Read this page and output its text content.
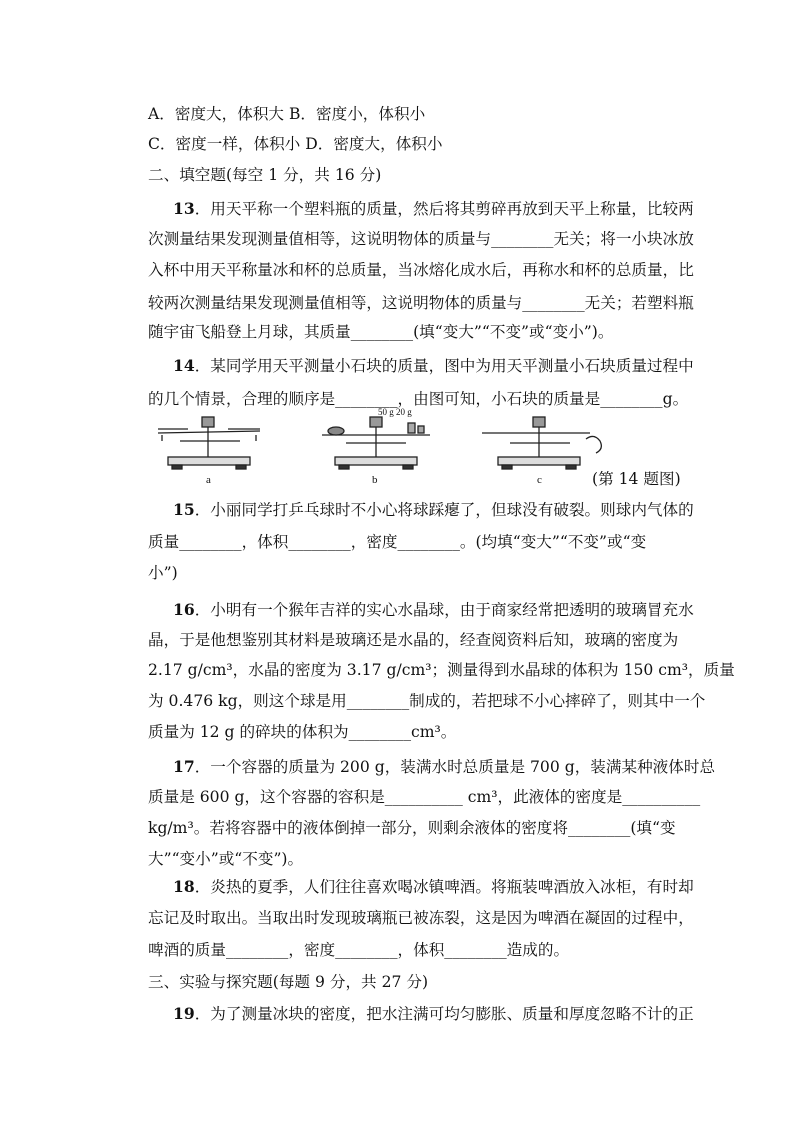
A．密度大，体积大 B．密度小，体积小
C．密度一样，体积小 D．密度大，体积小
二、填空题(每空 1 分，共 16 分)
13．用天平称一个塑料瓶的质量，然后将其剪碎再放到天平上称量，比较两
次测量结果发现测量值相等，这说明物体的质量与________无关；将一小块冰放
入杯中用天平称量冰和杯的总质量，当冰熔化成水后，再称水和杯的总质量，比
较两次测量结果发现测量值相等，这说明物体的质量与________无关；若塑料瓶
随宇宙飞船登上月球，其质量________(填“变大”“不变”或“变小”)。
14．某同学用天平测量小石块的质量，图中为用天平测量小石块质量过程中
的几个情景，合理的顺序是________，由图可知，小石块的质量是________g。
15．小丽同学打乒乓球时不小心将球踩瘪了，但球没有破裂。则球内气体的
质量________，体积________，密度________。(均填“变大”“不变”或“变
小”)
16．小明有一个猴年吉祥的实心水晶球，由于商家经常把透明的玻璃冒充水
晶，于是他想鉴别其材料是玻璃还是水晶的，经查阅资料后知，玻璃的密度为
2.17 g/cm³，水晶的密度为 3.17 g/cm³；测量得到水晶球的体积为 150 cm³，质量
为 0.476 kg，则这个球是用________制成的，若把球不小心摔碎了，则其中一个
质量为 12 g 的碎块的体积为________cm³。
17．一个容器的质量为 200 g，装满水时总质量是 700 g，装满某种液体时总
质量是 600 g，这个容器的容积是__________ cm³，此液体的密度是__________
kg/m³。若将容器中的液体倒掉一部分，则剩余液体的密度将________(填“变
大”“变小”或“不变”)。
18．炎热的夏季，人们往往喜欢喝冰镇啤酒。将瓶装啤酒放入冰柜，有时却
忘记及时取出。当取出时发现玻璃瓶已被冻裂，这是因为啤酒在凝固的过程中，
啤酒的质量________，密度________，体积________造成的。
三、实验与探究题(每题 9 分，共 27 分)
19．为了测量冰块的密度，把水注满可均匀膨胀、质量和厚度忽略不计的正
a	b	c
50 g 20 g
(第 14 题图)
